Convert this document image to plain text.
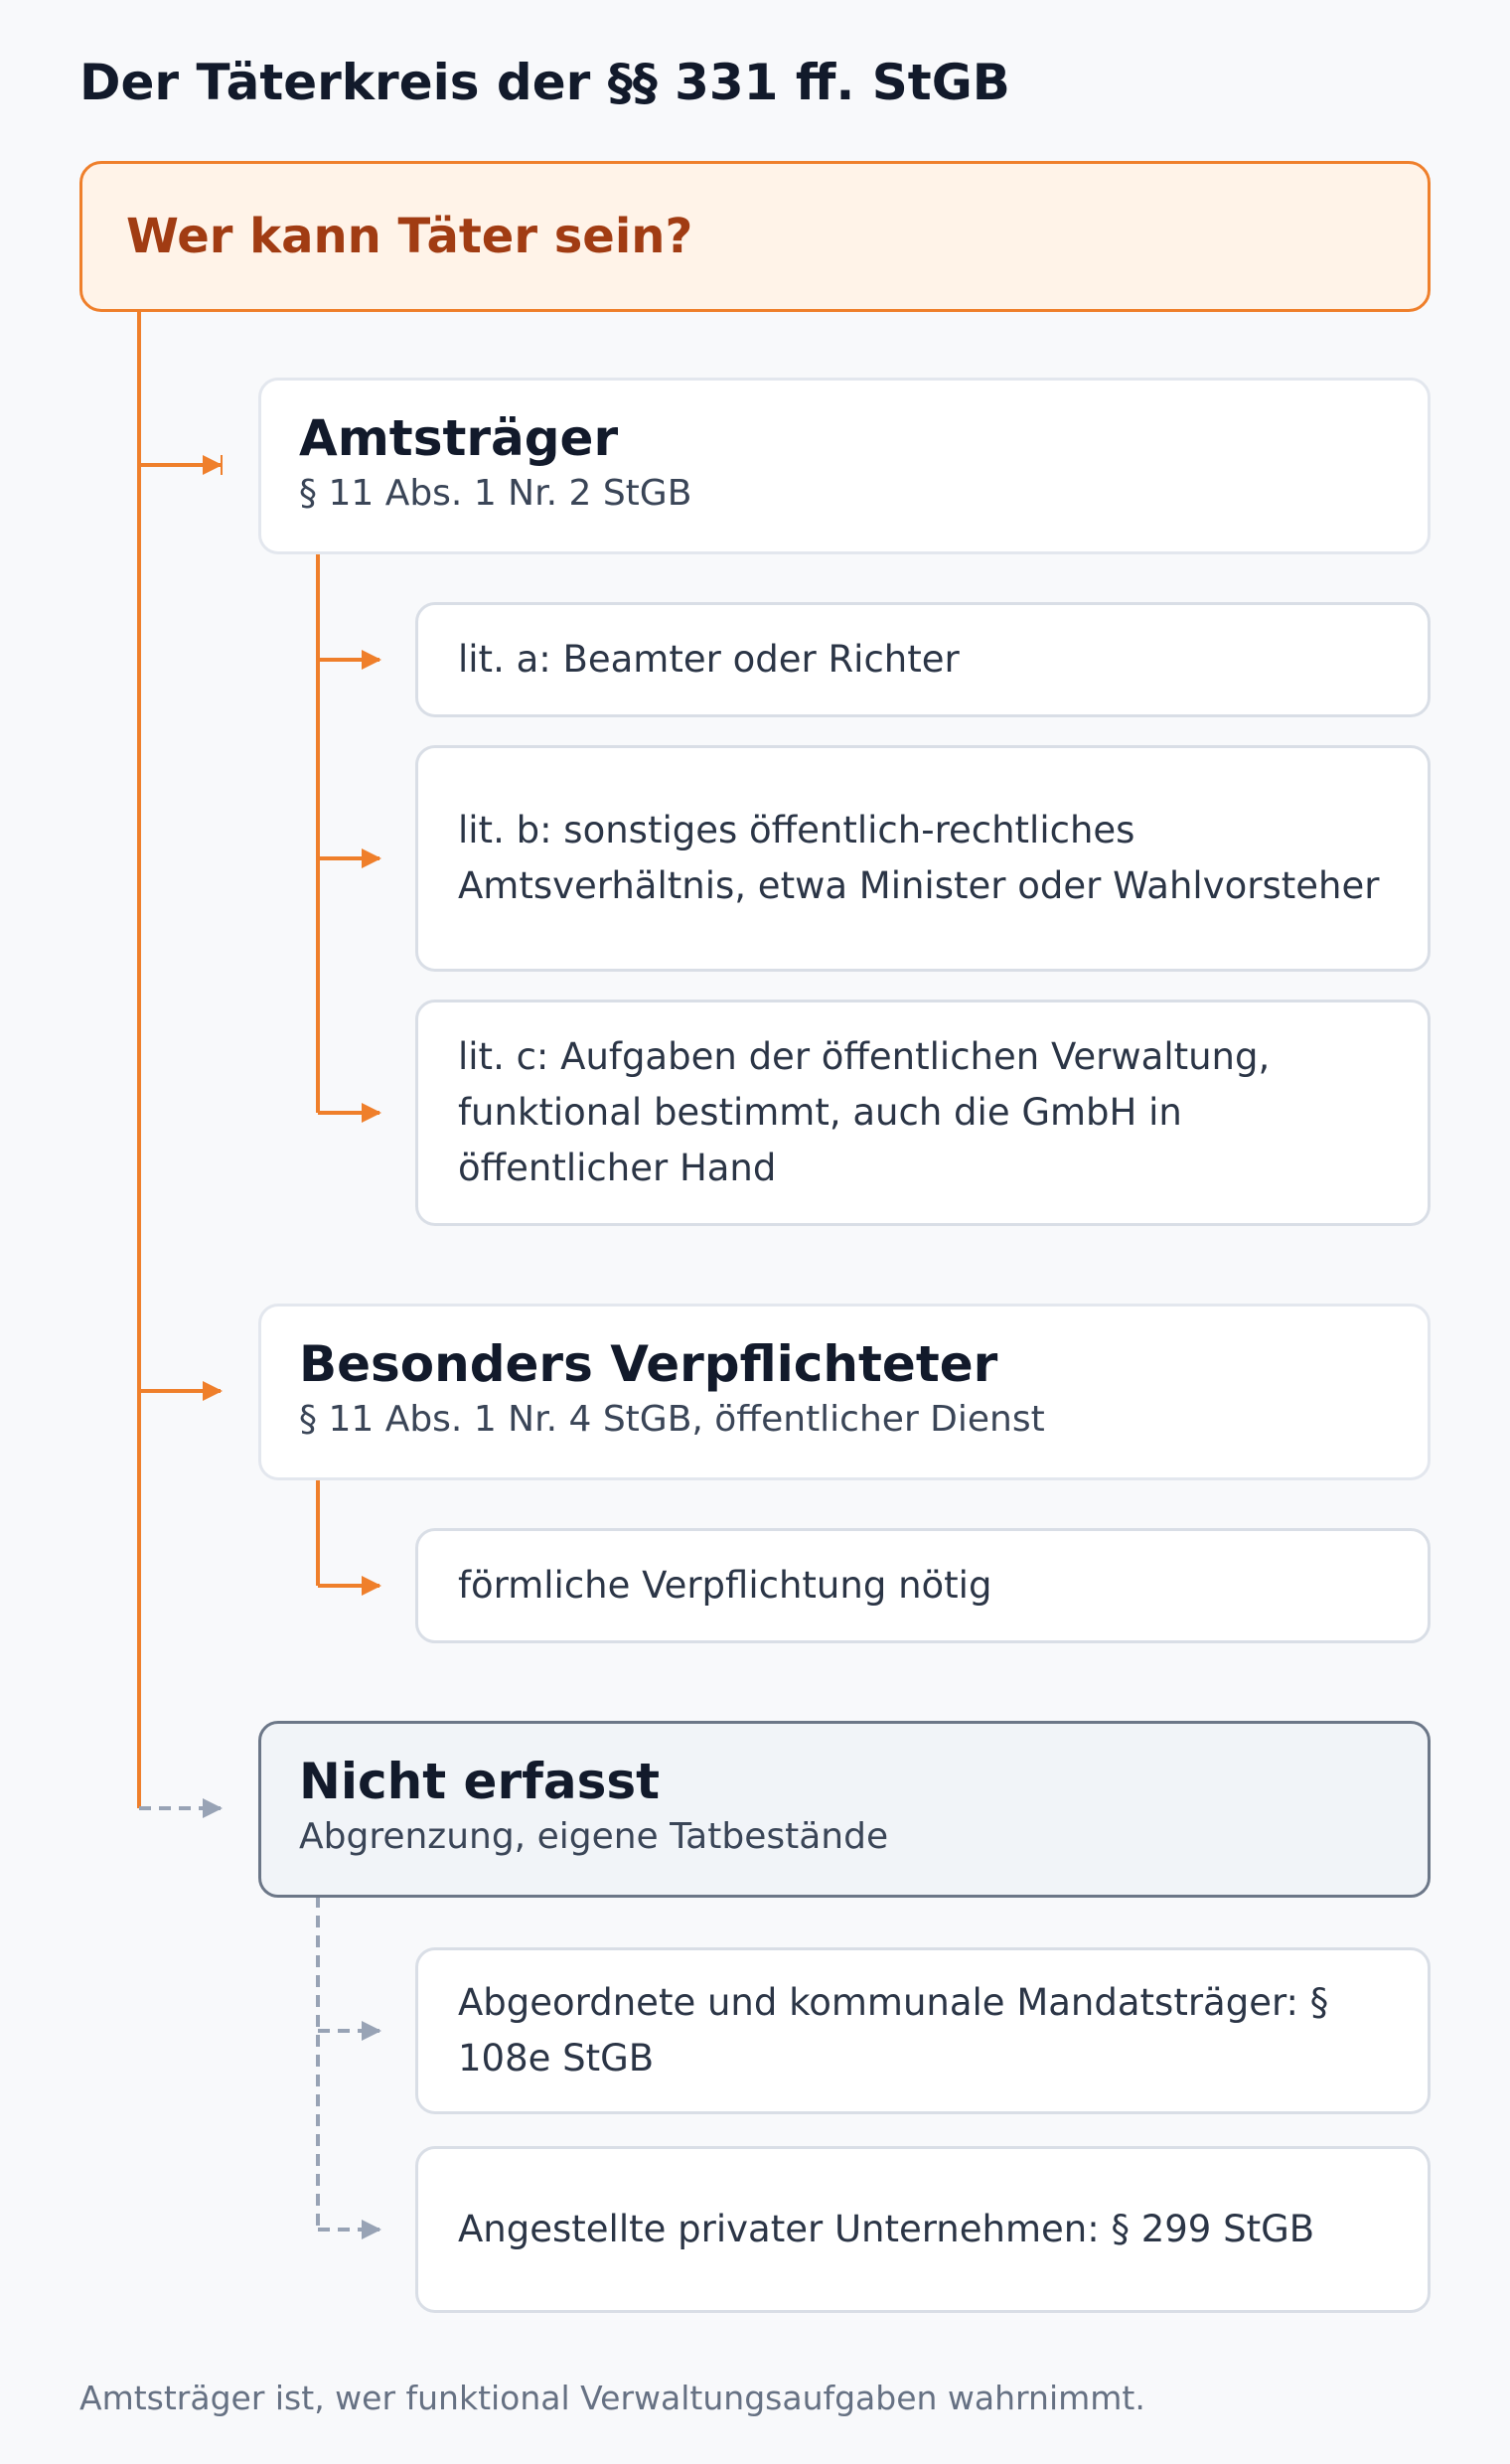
Der Täterkreis der §§ 331 ff. StGB
Wer kann Täter sein?
Amtsträger

§ 11 Abs. 1 Nr. 2 StGB

lit. a: Beamter oder Richter
lit. b: sonstiges öffentlich-rechtliches Amtsverhältnis, etwa Minister oder Wahlvorsteher
lit. c: Aufgaben der öffentlichen Verwaltung, funktional bestimmt, auch die GmbH in öffentlicher Hand
Besonders Verpflichteter

§ 11 Abs. 1 Nr. 4 StGB, öffentlicher Dienst

förmliche Verpflichtung nötig
Nicht erfasst

Abgrenzung, eigene Tatbestände

Abgeordnete und kommunale Mandatsträger: § 108e StGB
Angestellte privater Unternehmen: § 299 StGB

Amtsträger ist, wer funktional Verwaltungsaufgaben wahrnimmt.
